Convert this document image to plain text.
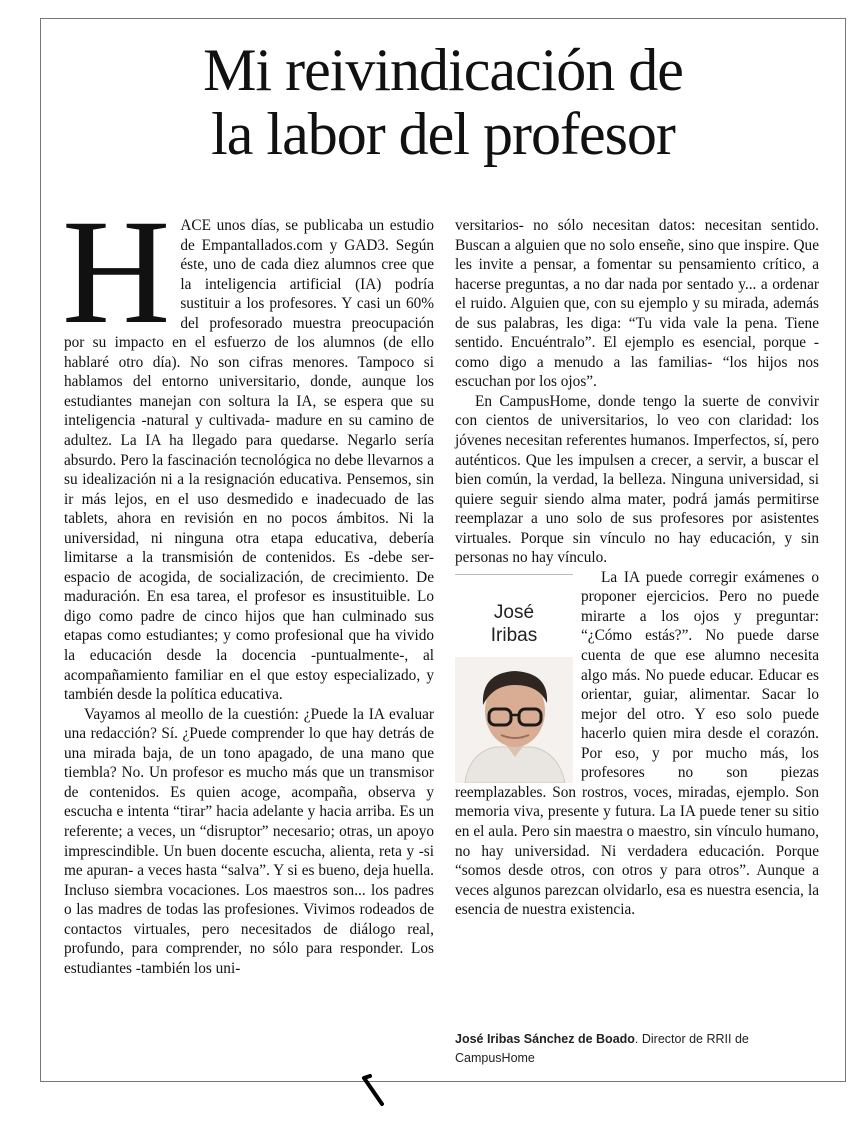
Mi reivindicación de
la labor del profesor

HACE unos días, se publicaba un estudio de Empantallados.com y GAD3. Según éste, uno de cada diez alumnos cree que la inteligencia artificial (IA) podría sustituir a los profesores. Y casi un 60% del profesorado muestra preocupación por su impacto en el esfuerzo de los alumnos (de ello hablaré otro día). No son cifras menores. Tampoco si hablamos del entorno universitario, donde, aunque los estudiantes manejan con soltura la IA, se espera que su inteligencia -natural y cultivada- madure en su camino de adultez. La IA ha llegado para quedarse. Negarlo sería absurdo. Pero la fascinación tecnológica no debe llevarnos a su idealización ni a la resignación educativa. Pensemos, sin ir más lejos, en el uso desmedido e inadecuado de las tablets, ahora en revisión en no pocos ámbitos. Ni la universidad, ni ninguna otra etapa educativa, debería limitarse a la transmisión de contenidos. Es -debe ser- espacio de acogida, de socialización, de crecimiento. De maduración. En esa tarea, el profesor es insustituible. Lo digo como padre de cinco hijos que han culminado sus etapas como estudiantes; y como profesional que ha vivido la educación desde la docencia -puntualmente-, al acompañamiento familiar en el que estoy especializado, y también desde la política educativa.

Vayamos al meollo de la cuestión: ¿Puede la IA evaluar una redacción? Sí. ¿Puede comprender lo que hay detrás de una mirada baja, de un tono apagado, de una mano que tiembla? No. Un profesor es mucho más que un transmisor de contenidos. Es quien acoge, acompaña, observa y escucha e intenta “tirar” hacia adelante y hacia arriba. Es un referente; a veces, un “disruptor” necesario; otras, un apoyo imprescindible. Un buen docente escucha, alienta, reta y -si me apuran- a veces hasta “salva”. Y si es bueno, deja huella. Incluso siembra vocaciones. Los maestros son... los padres o las madres de todas las profesiones. Vivimos rodeados de contactos virtuales, pero necesitados de diálogo real, profundo, para comprender, no sólo para responder. Los estudiantes -también los uni-

versitarios- no sólo necesitan datos: necesitan sentido. Buscan a alguien que no solo enseñe, sino que inspire. Que les invite a pensar, a fomentar su pensamiento crítico, a hacerse preguntas, a no dar nada por sentado y... a ordenar el ruido. Alguien que, con su ejemplo y su mirada, además de sus palabras, les diga: “Tu vida vale la pena. Tiene sentido. Encuéntralo”. El ejemplo es esencial, porque -como digo a menudo a las familias- “los hijos nos escuchan por los ojos”.

En CampusHome, donde tengo la suerte de convivir con cientos de universitarios, lo veo con claridad: los jóvenes necesitan referentes humanos. Imperfectos, sí, pero auténticos. Que les impulsen a crecer, a servir, a buscar el bien común, la verdad, la belleza. Ninguna universidad, si quiere seguir siendo alma mater, podrá jamás permitirse reemplazar a uno solo de sus profesores por asistentes virtuales. Porque sin vínculo no hay educación, y sin personas no hay vínculo.

José
Iribas

La IA puede corregir exámenes o proponer ejercicios. Pero no puede mirarte a los ojos y preguntar: “¿Cómo estás?”. No puede darse cuenta de que ese alumno necesita algo más. No puede educar. Educar es orientar, guiar, alimentar. Sacar lo mejor del otro. Y eso solo puede hacerlo quien mira desde el corazón. Por eso, y por mucho más, los profesores no son piezas reemplazables. Son rostros, voces, miradas, ejemplo. Son memoria viva, presente y futura. La IA puede tener su sitio en el aula. Pero sin maestra o maestro, sin vínculo humano, no hay universidad. Ni verdadera educación. Porque “somos desde otros, con otros y para otros”. Aunque a veces algunos parezcan olvidarlo, esa es nuestra esencia, la esencia de nuestra existencia.

José Iribas Sánchez de Boado. Director de RRII de CampusHome
